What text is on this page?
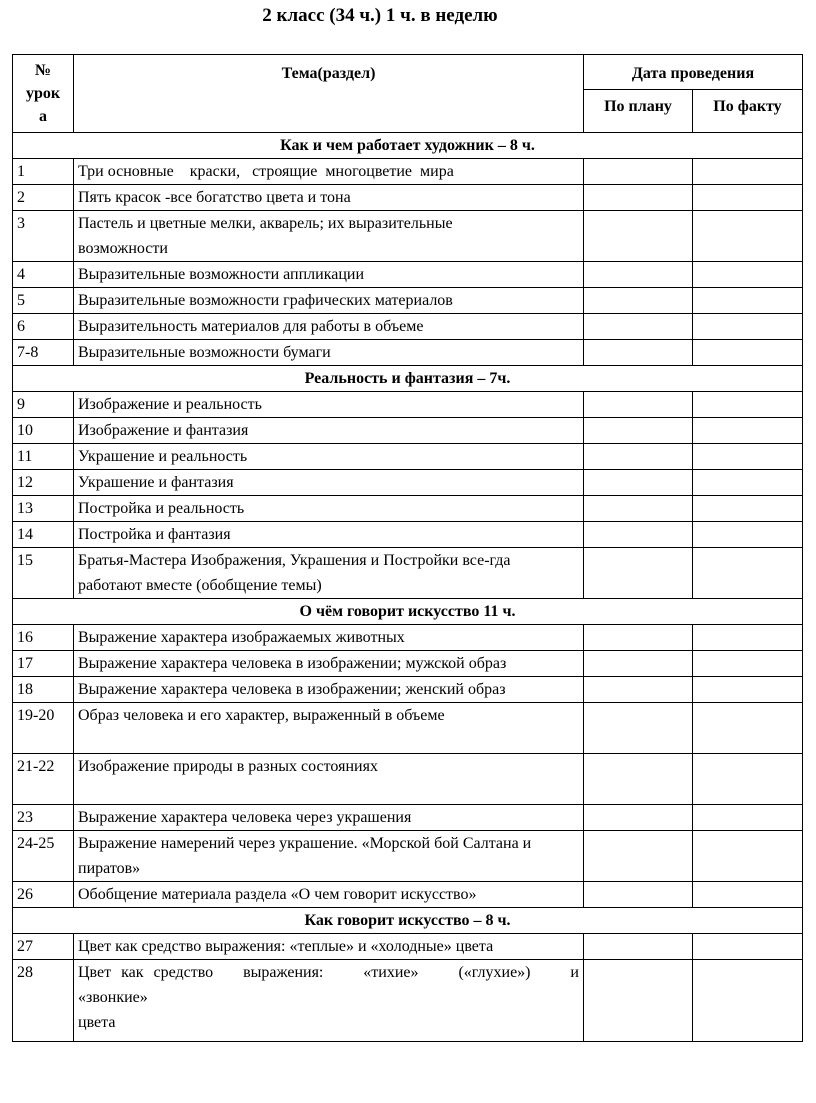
2 класс (34 ч.) 1 ч. в неделю
№
урок
а	Тема(раздел)	Дата проведения	
		По плану	По факту
Как и чем работает художник – 8 ч.			
1	Три основные    краски,   строящие  многоцветие  мира		
2	Пять красок -все богатство цвета и тона		
3	Пастель и цветные мелки, акварель; их выразительные возможности		
4	Выразительные возможности аппликации		
5	Выразительные возможности графических материалов		
6	Выразительность материалов для работы в объеме		
7-8	Выразительные возможности бумаги		
Реальность и фантазия – 7ч.			
9	Изображение и реальность		
10	Изображение и фантазия		
11	Украшение и реальность		
12	Украшение и фантазия		
13	Постройка и реальность		
14	Постройка и фантазия		
15	Братья-Мастера Изображения, Украшения и Постройки все-гда работают вместе (обобщение темы)		
О чём говорит искусство 11 ч.			
16	Выражение характера изображаемых животных		
17	Выражение характера человека в изображении; мужской образ		
18	Выражение характера человека в изображении; женский образ		
19-20	Образ человека и его характер, выраженный в объеме		
21-22	Изображение природы в разных состояниях		
23	Выражение характера человека через украшения		
24-25	Выражение намерений через украшение. «Морской бой Салтана и пиратов»		
26	Обобщение материала раздела «О чем говорит искусство»		
Как говорит искусство – 8 ч.			
27	Цвет как средство выражения: «теплые» и «холодные» цвета		
28	Цвет как средство   выражения:    «тихие»    («глухие»)    и
«звонкие»
цвета		
